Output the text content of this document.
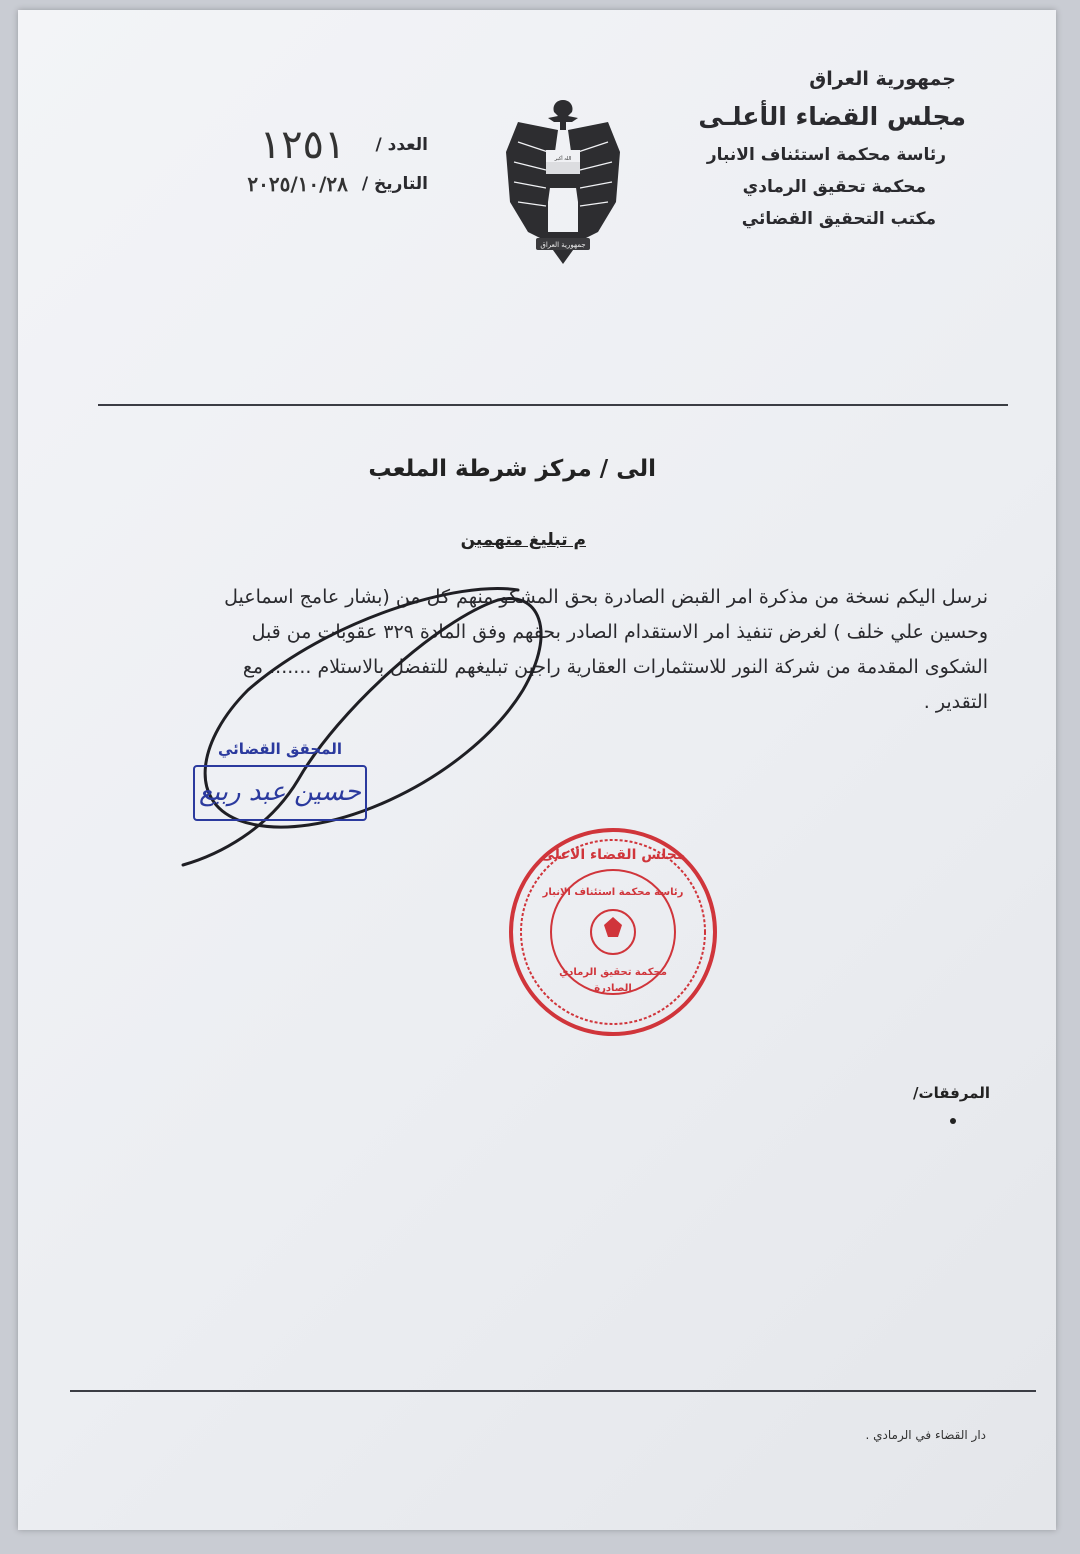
جمهورية العراق
مجلس القضاء الأعلـى
رئاسة محكمة استئناف الانبار
محكمة تحقيق الرمادي
مكتب التحقيق القضائي
الله أكبر
جمهورية العراق
العدد /
١٢٥١
التاريخ /
٢٠٢٥/١٠/٢٨
الى / مركز شرطة الملعب
م تبليغ متهمين

نرسل اليكم نسخة من مذكرة امر القبض الصادرة بحق المشكو منهم كل من (بشار عامج اسماعيل

وحسين علي خلف ) لغرض تنفيذ امر الاستقدام الصادر بحقهم وفق المادة ٣٢٩ عقوبات من قبل

الشكوى المقدمة من شركة النور للاستثمارات العقارية راجين تبليغهم للتفضل بالاستلام ....... مع

التقدير .

المحقق القضائي
حسين عبد ربيع
مجلس القضاء الاعلى
رئاسة محكمة استئناف الانبار
محكمة تحقيق الرمادي
الصادرة
المرفقات/
دار القضاء في الرمادي .
